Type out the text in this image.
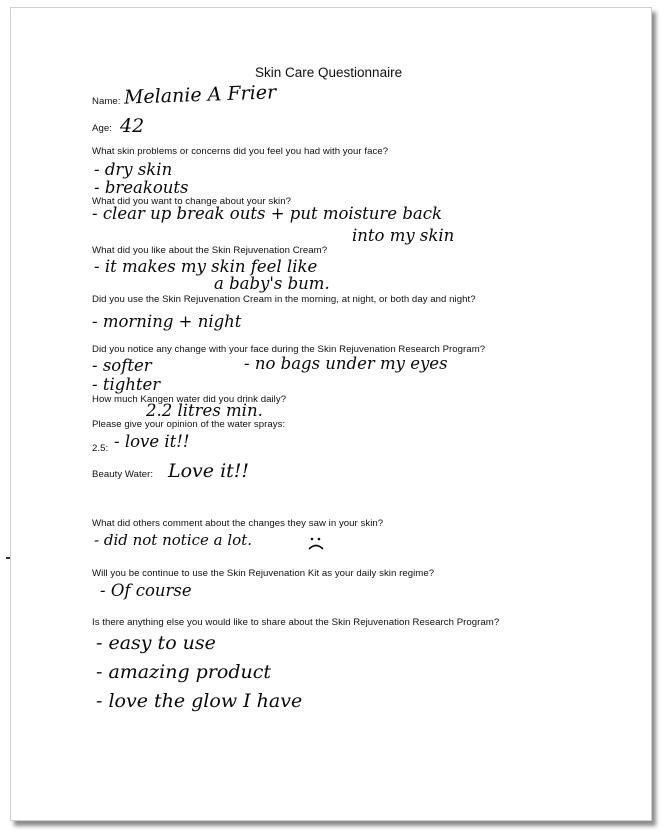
Skin Care Questionnaire
Name: Melanie A Frier
Age: 42
What skin problems or concerns did you feel you had with your face?
- dry skin
- breakouts
What did you want to change about your skin?
- clear up break outs + put moisture back
into my skin
What did you like about the Skin Rejuvenation Cream?
- it makes my skin feel like
a baby's bum.
Did you use the Skin Rejuvenation Cream in the morning, at night, or both day and night?
- morning + night
Did you notice any change with your face during the Skin Rejuvenation Research Program?
- softer	- no bags under my eyes
- tighter
How much Kangen water did you drink daily?
2.2 litres min.
Please give your opinion of the water sprays:
2.5: - love it!!
Beauty Water: Love it!!
What did others comment about the changes they saw in your skin?
- did not notice a lot.
Will you be continue to use the Skin Rejuvenation Kit as your daily skin regime?
- Of course
Is there anything else you would like to share about the Skin Rejuvenation Research Program?
- easy to use
- amazing product
- love the glow I have
